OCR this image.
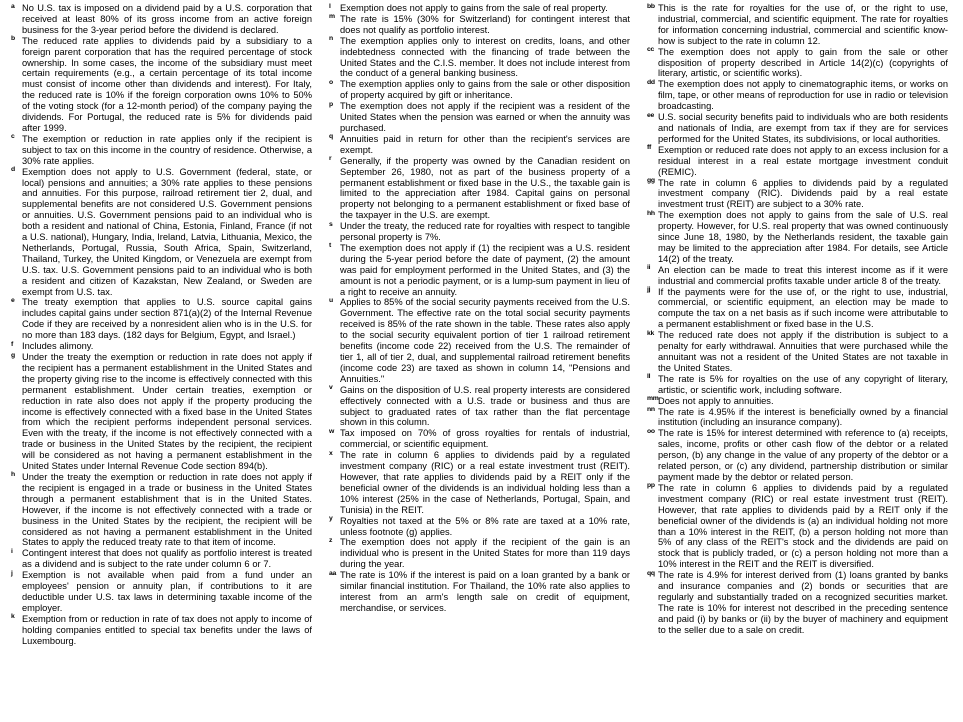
a No U.S. tax is imposed on a dividend paid by a U.S. corporation that received at least 80% of its gross income from an active foreign business for the 3-year period before the dividend is declared.
b The reduced rate applies to dividends paid by a subsidiary to a foreign parent corporation that has the required percentage of stock ownership. In some cases, the income of the subsidiary must meet certain requirements (e.g., a certain percentage of its total income must consist of income other than dividends and interest). For Italy, the reduced rate is 10% if the foreign corporation owns 10% to 50% of the voting stock (for a 12-month period) of the company paying the dividends. For Portugal, the reduced rate is 5% for dividends paid after 1999.
c The exemption or reduction in rate applies only if the recipient is subject to tax on this income in the country of residence. Otherwise, a 30% rate applies.
d Exemption does not apply to U.S. Government (federal, state, or local) pensions and annuities; a 30% rate applies to these pensions and annuities. For this purpose, railroad retirement tier 2, dual, and supplemental benefits are not considered U.S. Government pensions or annuities. U.S. Government pensions paid to an individual who is both a resident and national of China, Estonia, Finland, France (if not a U.S. national), Hungary, India, Ireland, Latvia, Lithuania, Mexico, the Netherlands, Portugal, Russia, South Africa, Spain, Switzerland, Thailand, Turkey, the United Kingdom, or Venezuela are exempt from U.S. tax. U.S. Government pensions paid to an individual who is both a resident and citizen of Kazakstan, New Zealand, or Sweden are exempt from U.S. tax.
e The treaty exemption that applies to U.S. source capital gains includes capital gains under section 871(a)(2) of the Internal Revenue Code if they are received by a nonresident alien who is in the U.S. for no more than 183 days. (182 days for Belgium, Egypt, and Israel.)
f Includes alimony.
g Under the treaty the exemption or reduction in rate does not apply if the recipient has a permanent establishment in the United States and the property giving rise to the income is effectively connected with this permanent establishment. Under certain treaties, exemption or reduction in rate also does not apply if the property producing the income is effectively connected with a fixed base in the United States from which the recipient performs independent personal services. Even with the treaty, if the income is not effectively connected with a trade or business in the United States by the recipient, the recipient will be considered as not having a permanent establishment in the United States under Internal Revenue Code section 894(b).
h Under the treaty the exemption or reduction in rate does not apply if the recipient is engaged in a trade or business in the United States through a permanent establishment that is in the United States. However, if the income is not effectively connected with a trade or business in the United States by the recipient, the recipient will be considered as not having a permanent establishment in the United States to apply the reduced treaty rate to that item of income.
i Contingent interest that does not qualify as portfolio interest is treated as a dividend and is subject to the rate under column 6 or 7.
j Exemption is not available when paid from a fund under an employees' pension or annuity plan, if contributions to it are deductible under U.S. tax laws in determining taxable income of the employer.
k Exemption from or reduction in rate of tax does not apply to income of holding companies entitled to special tax benefits under the laws of Luxembourg.
l Exemption does not apply to gains from the sale of real property.
m The rate is 15% (30% for Switzerland) for contingent interest that does not qualify as portfolio interest.
n The exemption applies only to interest on credits, loans, and other indebtedness connected with the financing of trade between the United States and the C.I.S. member. It does not include interest from the conduct of a general banking business.
o The exemption applies only to gains from the sale or other disposition of property acquired by gift or inheritance.
p The exemption does not apply if the recipient was a resident of the United States when the pension was earned or when the annuity was purchased.
q Annuities paid in return for other than the recipient's services are exempt.
r Generally, if the property was owned by the Canadian resident on September 26, 1980, not as part of the business property of a permanent establishment or fixed base in the U.S., the taxable gain is limited to the appreciation after 1984. Capital gains on personal property not belonging to a permanent establishment or fixed base of the taxpayer in the U.S. are exempt.
s Under the treaty, the reduced rate for royalties with respect to tangible personal property is 7%.
t The exemption does not apply if (1) the recipient was a U.S. resident during the 5-year period before the date of payment, (2) the amount was paid for employment performed in the United States, and (3) the amount is not a periodic payment, or is a lump-sum payment in lieu of a right to receive an annuity.
u Applies to 85% of the social security payments received from the U.S. Government. The effective rate on the total social security payments received is 85% of the rate shown in the table. These rates also apply to the social security equivalent portion of tier 1 railroad retirement benefits (income code 22) received from the U.S. The remainder of tier 1, all of tier 2, dual, and supplemental railroad retirement benefits (income code 23) are taxed as shown in column 14, "Pensions and Annuities."
v Gains on the disposition of U.S. real property interests are considered effectively connected with a U.S. trade or business and thus are subject to graduated rates of tax rather than the flat percentage shown in this column.
w Tax imposed on 70% of gross royalties for rentals of industrial, commercial, or scientific equipment.
x The rate in column 6 applies to dividends paid by a regulated investment company (RIC) or a real estate investment trust (REIT). However, that rate applies to dividends paid by a REIT only if the beneficial owner of the dividends is an individual holding less than a 10% interest (25% in the case of Netherlands, Portugal, Spain, and Tunisia) in the REIT.
y Royalties not taxed at the 5% or 8% rate are taxed at a 10% rate, unless footnote (g) applies.
z The exemption does not apply if the recipient of the gain is an individual who is present in the United States for more than 119 days during the year.
aa The rate is 10% if the interest is paid on a loan granted by a bank or similar financial institution. For Thailand, the 10% rate also applies to interest from an arm's length sale on credit of equipment, merchandise, or services.
bb This is the rate for royalties for the use of, or the right to use, industrial, commercial, and scientific equipment. The rate for royalties for information concerning industrial, commercial and scientific know-how is subject to the rate in column 12.
cc The exemption does not apply to gain from the sale or other disposition of property described in Article 14(2)(c) (copyrights of literary, artistic, or scientific works).
dd The exemption does not apply to cinematographic items, or works on film, tape, or other means of reproduction for use in radio or television broadcasting.
ee U.S. social security benefits paid to individuals who are both residents and nationals of India, are exempt from tax if they are for services performed for the United States, its subdivisions, or local authorities.
ff Exemption or reduced rate does not apply to an excess inclusion for a residual interest in a real estate mortgage investment conduit (REMIC).
gg The rate in column 6 applies to dividends paid by a regulated investment company (RIC). Dividends paid by a real estate investment trust (REIT) are subject to a 30% rate.
hh The exemption does not apply to gains from the sale of U.S. real property. However, for U.S. real property that was owned continuously since June 18, 1980, by the Netherlands resident, the taxable gain may be limited to the appreciation after 1984. For details, see Article 14(2) of the treaty.
ii An election can be made to treat this interest income as if it were industrial and commercial profits taxable under article 8 of the treaty.
jj If the payments were for the use of, or the right to use, industrial, commercial, or scientific equipment, an election may be made to compute the tax on a net basis as if such income were attributable to a permanent establishment or fixed base in the U.S.
kk The reduced rate does not apply if the distribution is subject to a penalty for early withdrawal. Annuities that were purchased while the annuitant was not a resident of the United States are not taxable in the United States.
ll The rate is 5% for royalties on the use of any copyright of literary, artistic, or scientific work, including software.
mm Does not apply to annuities.
nn The rate is 4.95% if the interest is beneficially owned by a financial institution (including an insurance company).
oo The rate is 15% for interest determined with reference to (a) receipts, sales, income, profits or other cash flow of the debtor or a related person, (b) any change in the value of any property of the debtor or a related person, or (c) any dividend, partnership distribution or similar payment made by the debtor or related person.
pp The rate in column 6 applies to dividends paid by a regulated investment company (RIC) or real estate investment trust (REIT). However, that rate applies to dividends paid by a REIT only if the beneficial owner of the dividends is (a) an individual holding not more than a 10% interest in the REIT, (b) a person holding not more than 5% of any class of the REIT's stock and the dividends are paid on stock that is publicly traded, or (c) a person holding not more than a 10% interest in the REIT and the REIT is diversified.
qq The rate is 4.9% for interest derived from (1) loans granted by banks and insurance companies and (2) bonds or securities that are regularly and substantially traded on a recognized securities market. The rate is 10% for interest not described in the preceding sentence and paid (i) by banks or (ii) by the buyer of machinery and equipment to the seller due to a sale on credit.
